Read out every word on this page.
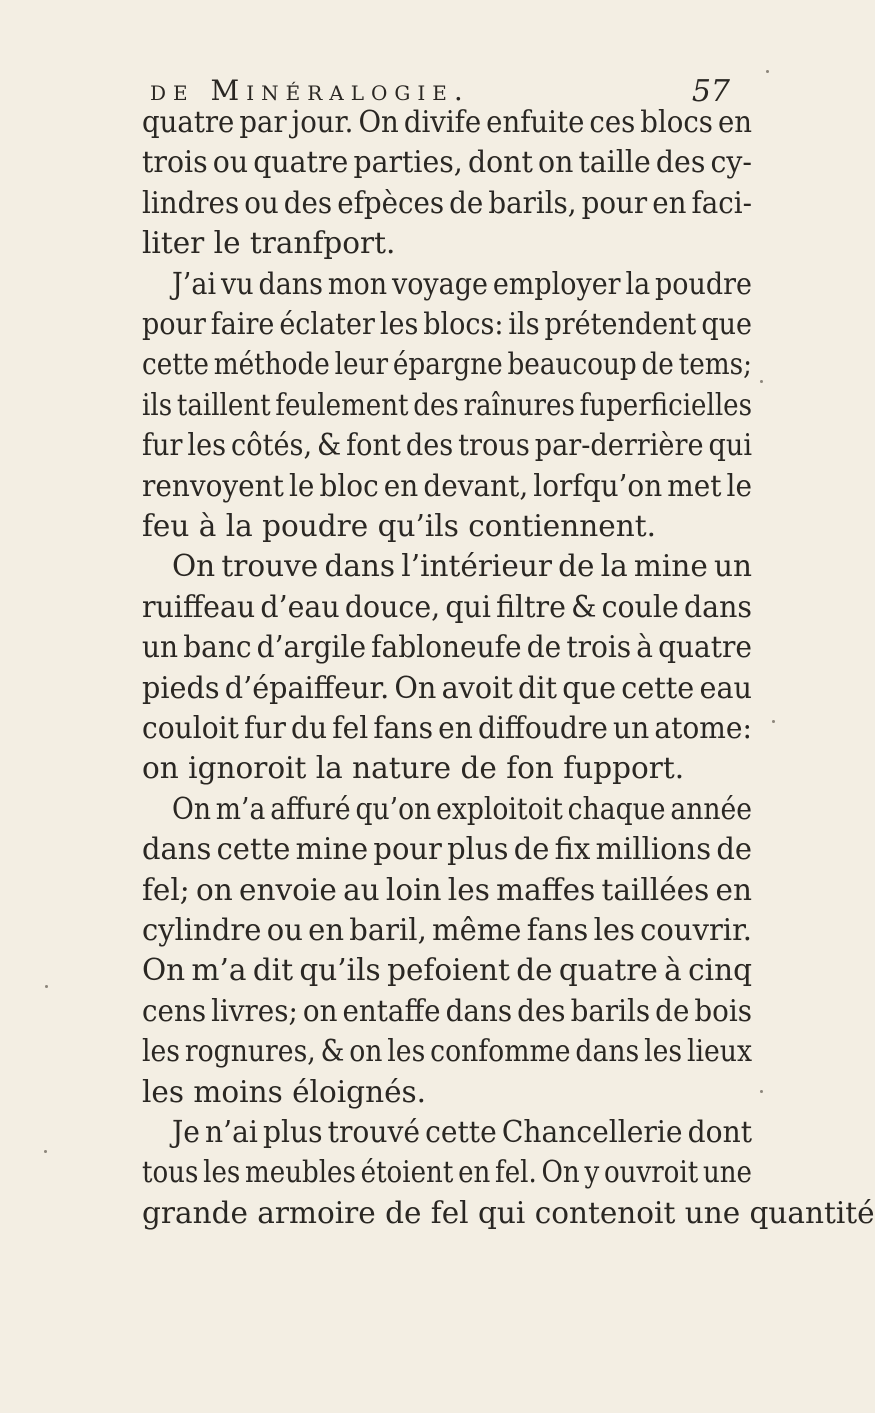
de Minéralogie.	57
quatre par jour. On divife enfuite ces blocs en
trois ou quatre parties, dont on taille des cy-
lindres ou des efpèces de barils, pour en faci-
liter le tranfport.
J’ai vu dans mon voyage employer la poudre
pour faire éclater les blocs: ils prétendent que
cette méthode leur épargne beaucoup de tems;
ils taillent feulement des raînures fuperficielles
fur les côtés, & font des trous par-derrière qui
renvoyent le bloc en devant, lorfqu’on met le
feu à la poudre qu’ils contiennent.
On trouve dans l’intérieur de la mine un
ruiffeau d’eau douce, qui filtre & coule dans
un banc d’argile fabloneufe de trois à quatre
pieds d’épaiffeur. On avoit dit que cette eau
couloit fur du fel fans en diffoudre un atome:
on ignoroit la nature de fon fupport.
On m’a affuré qu’on exploitoit chaque année
dans cette mine pour plus de fix millions de
fel; on envoie au loin les maffes taillées en
cylindre ou en baril, même fans les couvrir.
On m’a dit qu’ils pefoient de quatre à cinq
cens livres; on entaffe dans des barils de bois
les rognures, & on les confomme dans les lieux
les moins éloignés.
Je n’ai plus trouvé cette Chancellerie dont
tous les meubles étoient en fel. On y ouvroit une
grande armoire de fel qui contenoit une quantité
